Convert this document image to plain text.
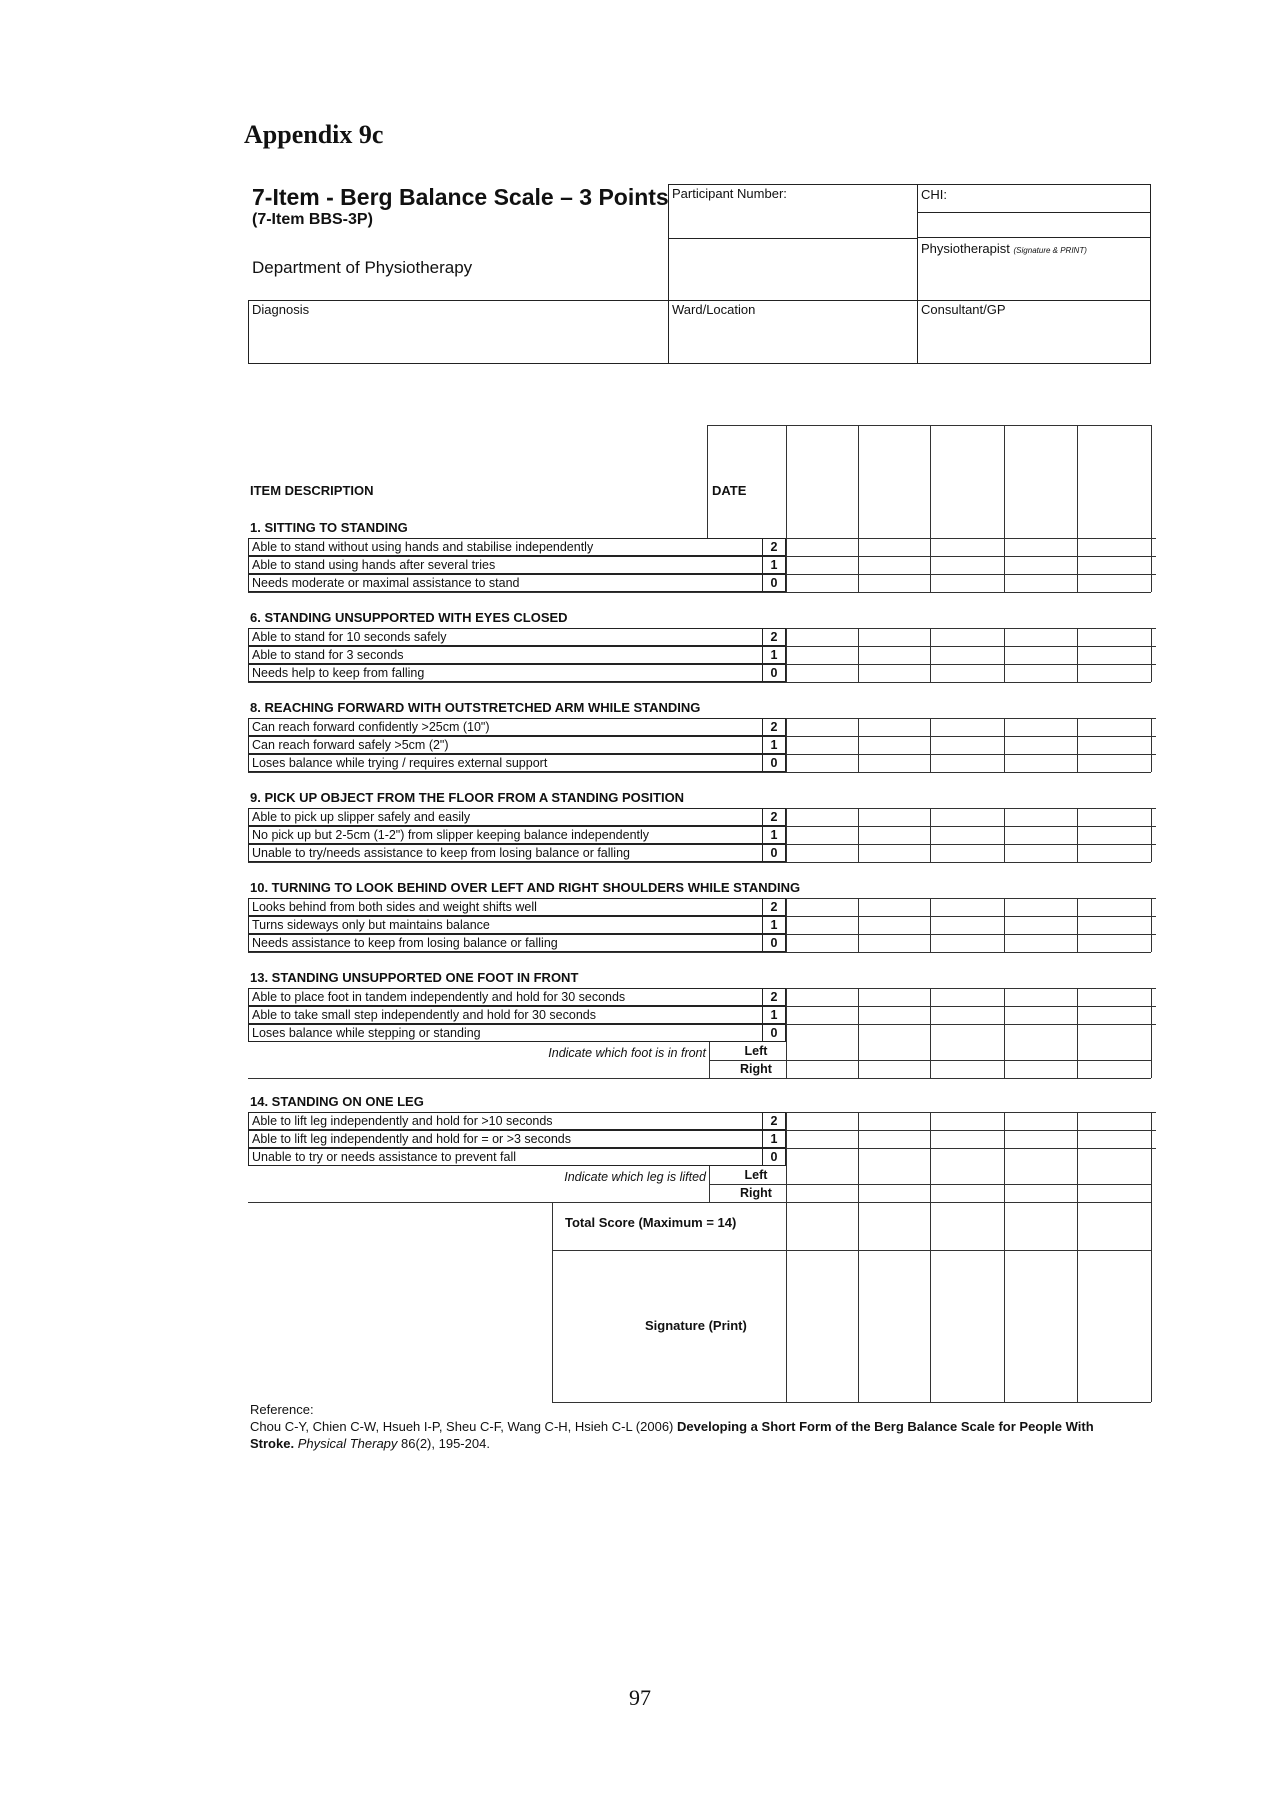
Appendix 9c
7-Item - Berg Balance Scale – 3 Points
(7-Item BBS-3P)
Department of Physiotherapy
Participant Number:	CHI:
Physiotherapist (Signature & PRINT)
Diagnosis	Ward/Location	Consultant/GP
ITEM DESCRIPTION	DATE
1. SITTING TO STANDING
Able to stand without using hands and stabilise independently	2
Able to stand using hands after several tries	1
Needs moderate or maximal assistance to stand	0
6. STANDING UNSUPPORTED WITH EYES CLOSED
Able to stand for 10 seconds safely	2
Able to stand for 3 seconds	1
Needs help to keep from falling	0
8. REACHING FORWARD WITH OUTSTRETCHED ARM WHILE STANDING
Can reach forward confidently >25cm (10")	2
Can reach forward safely >5cm (2")	1
Loses balance while trying / requires external support	0
9. PICK UP OBJECT FROM THE FLOOR FROM A STANDING POSITION
Able to pick up slipper safely and easily	2
No pick up but 2-5cm (1-2") from slipper keeping balance independently	1
Unable to try/needs assistance to keep from losing balance or falling	0
10. TURNING TO LOOK BEHIND OVER LEFT AND RIGHT SHOULDERS WHILE STANDING
Looks behind from both sides and weight shifts well	2
Turns sideways only but maintains balance	1
Needs assistance to keep from losing balance or falling	0
13. STANDING UNSUPPORTED ONE FOOT IN FRONT
Able to place foot in tandem independently and hold for 30 seconds	2
Able to take small step independently and hold for 30 seconds	1
Loses balance while stepping or standing	0
Indicate which foot is in front	Left
Right
14. STANDING ON ONE LEG
Able to lift leg independently and hold for >10 seconds	2
Able to lift leg independently and hold for = or >3 seconds	1
Unable to try or needs assistance to prevent fall	0
Indicate which leg is lifted	Left
Right
Total Score (Maximum = 14)
Signature (Print)
Reference:
Chou C-Y, Chien C-W, Hsueh I-P, Sheu C-F, Wang C-H, Hsieh C-L (2006) Developing a Short Form of the Berg Balance Scale for People With Stroke. Physical Therapy 86(2), 195-204.
97
